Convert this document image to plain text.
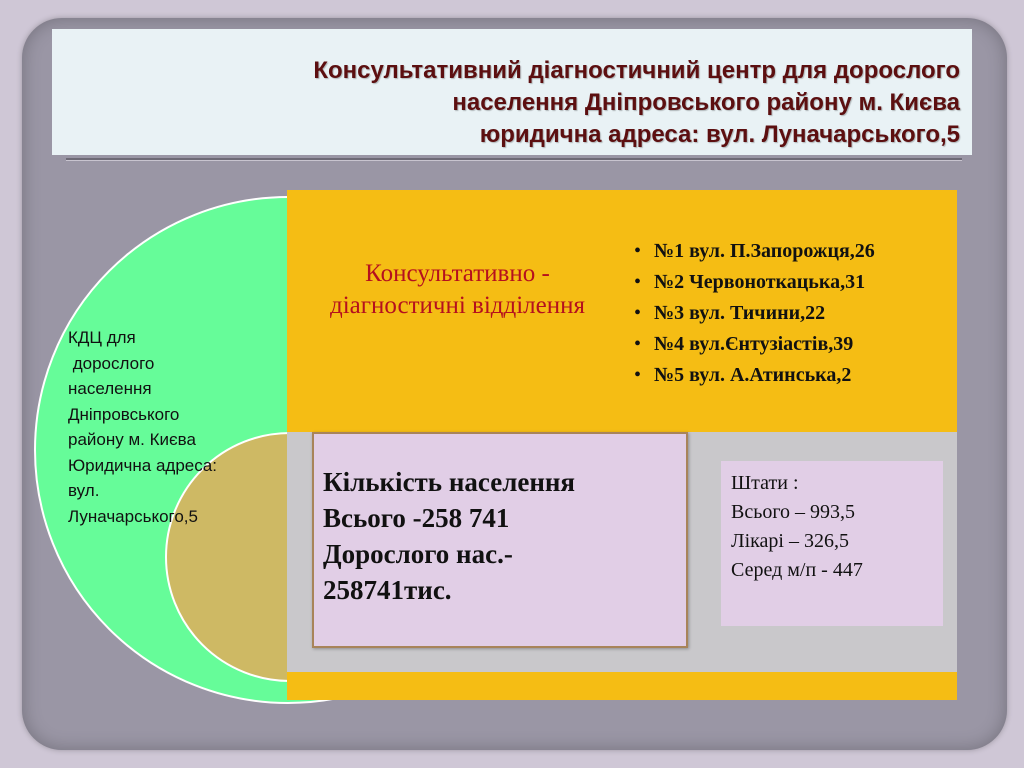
Консультативний діагностичний центр для дорослого
населення Дніпровського району м. Києва
юридична адреса: вул. Луначарського,5
Консультативно - діагностичні відділення
• №1 вул. П.Запорожця,26
• №2 Червоноткацька,31
• №3 вул. Тичини,22
• №4 вул.Єнтузіастів,39
• №5 вул. А.Атинська,2
КДЦ для
дорослого
населення
Дніпровського
району м. Києва
Юридична адреса:
вул.
Луначарського,5
Кількість населення
Всього -258 741
Дорослого нас.-
258741тис.
Штати :
Всього – 993,5
Лікарі – 326,5
Серед м/п - 447
